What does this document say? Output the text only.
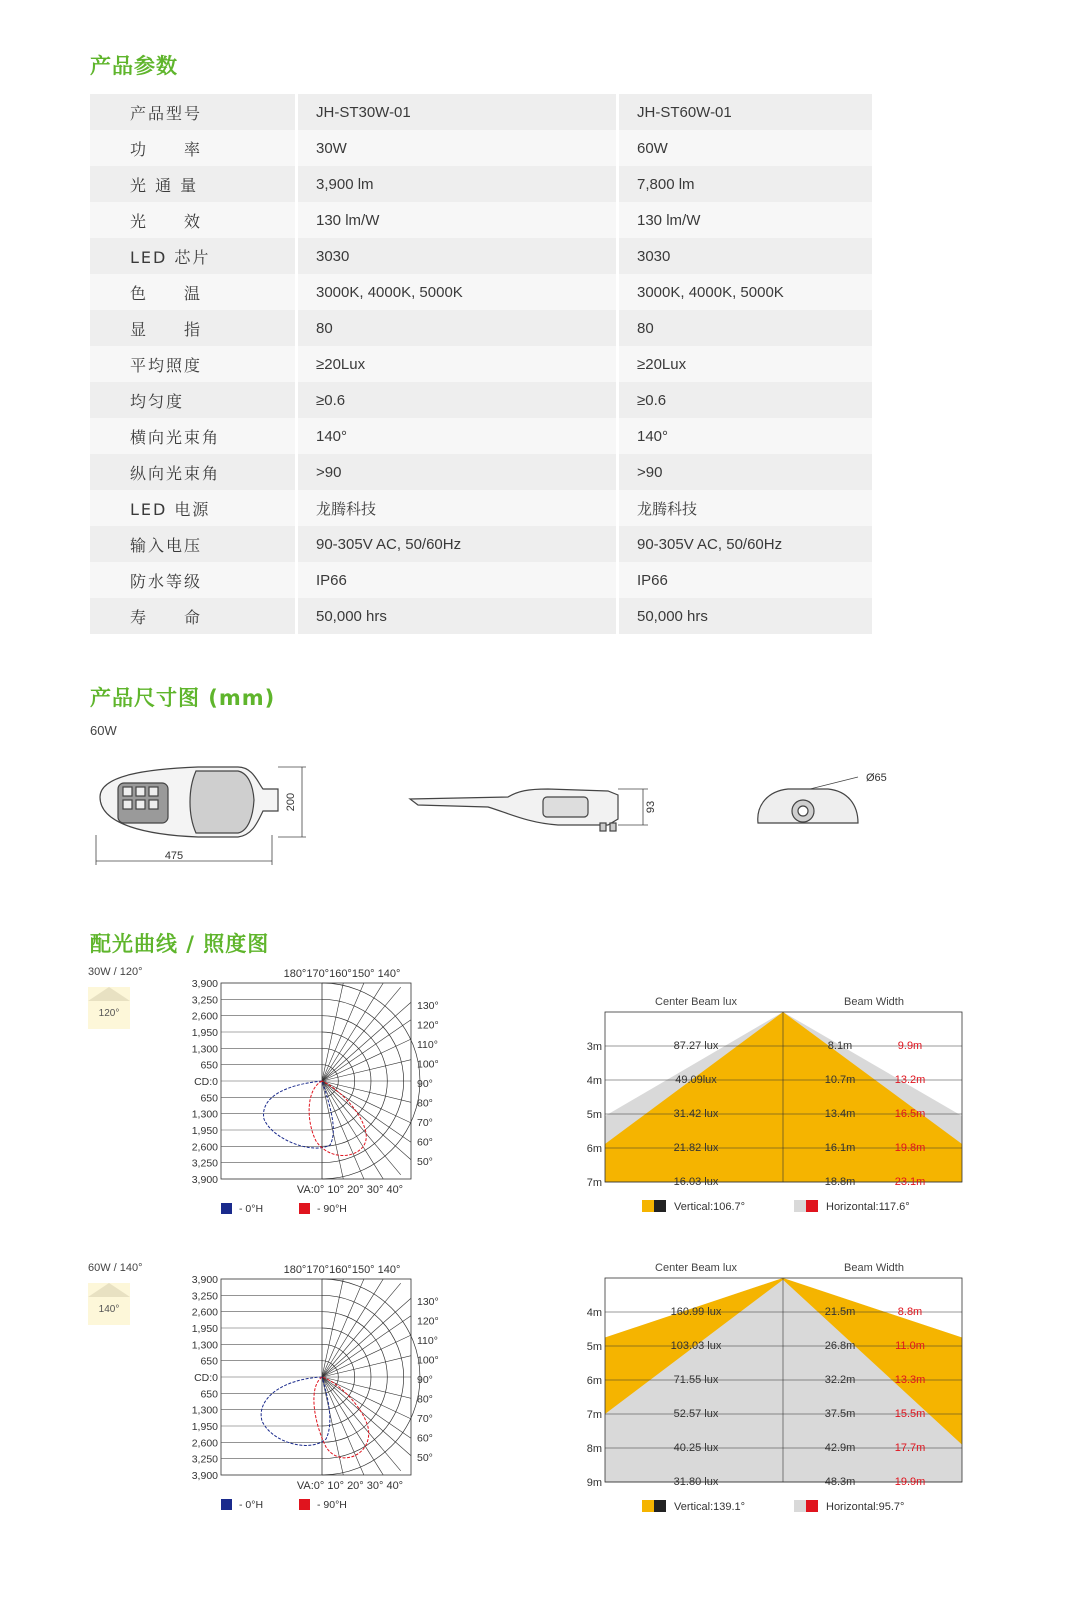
产品参数
产品型号	JH-ST30W-01	JH-ST60W-01
功　　率	30W	60W
光 通 量	3,900 lm	7,800 lm
光　　效	130 lm/W	130 lm/W
LED 芯片	3030	3030
色　　温	3000K, 4000K, 5000K	3000K, 4000K, 5000K
显　　指	80	80
平均照度	≥20Lux	≥20Lux
均匀度	≥0.6	≥0.6
横向光束角	140°	140°
纵向光束角	>90	>90
LED 电源	龙腾科技	龙腾科技
输入电压	90-305V AC, 50/60Hz	90-305V AC, 50/60Hz
防水等级	IP66	IP66
寿　　命	50,000 hrs	50,000 hrs
产品尺寸图 (mm)
60W
475
200	93
Ø65
配光曲线 / 照度图
30W / 120°
120°
180°170°160°150° 140°
3,900
3,250
2,600
1,950
1,300
650
CD:0
650
1,300
1,950
2,600
3,250
3,900
130°
120°
110°
100°
90°
80°
70°
60°
50°
VA:0° 10° 20° 30° 40°
- 0°H	- 90°H
Center Beam lux	Beam Width
3m	87.27 lux	8.1m	9.9m
4m	49.09lux	10.7m	13.2m
5m	31.42 lux	13.4m	16.5m
6m	21.82 lux	16.1m	19.8m
7m	16.03 lux	18.8m	23.1m
Vertical:106.7°	Horizontal:117.6°
60W / 140°
140°
180°170°160°150° 140°
3,900
3,250
2,600
1,950
1,300
650
CD:0
650
1,300
1,950
2,600
3,250
3,900
130°
120°
110°
100°
90°
80°
70°
60°
50°
VA:0° 10° 20° 30° 40°
- 0°H	- 90°H
Center Beam lux	Beam Width
4m	160.99 lux	21.5m	8.8m
5m	103.03 lux	26.8m	11.0m
6m	71.55 lux	32.2m	13.3m
7m	52.57 lux	37.5m	15.5m
8m	40.25 lux	42.9m	17.7m
9m	31.80 lux	48.3m	19.9m
Vertical:139.1°	Horizontal:95.7°
